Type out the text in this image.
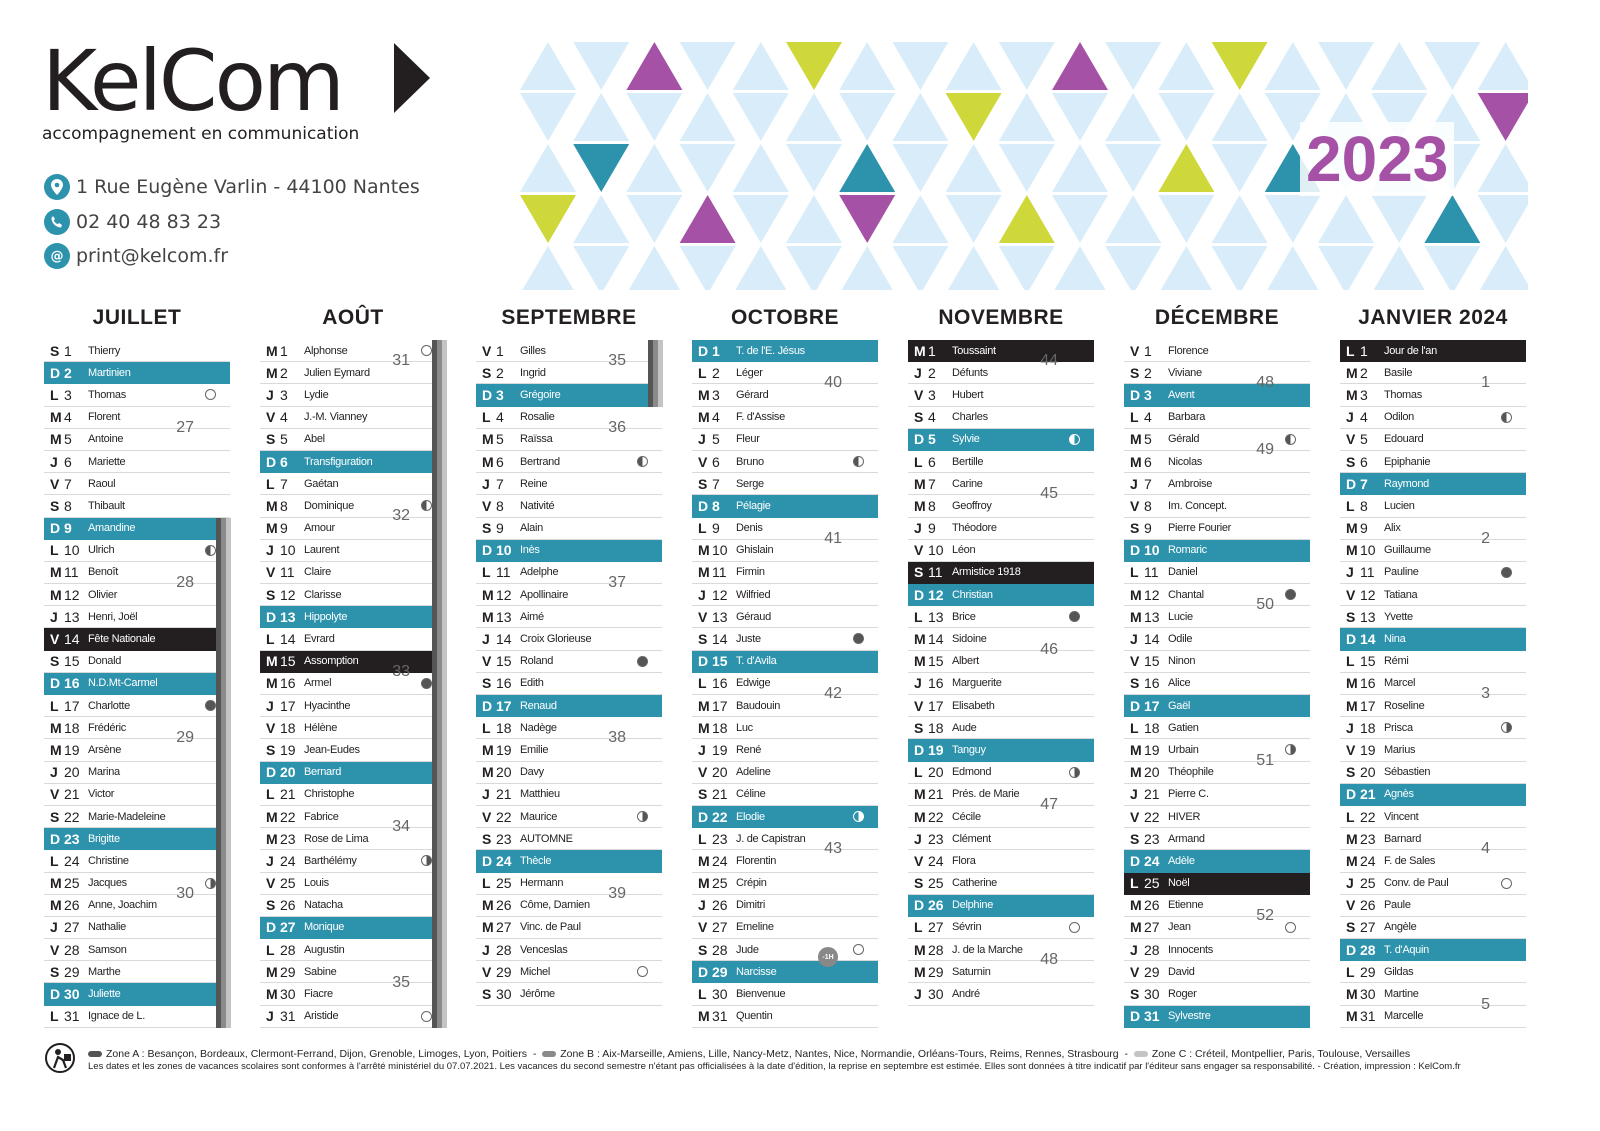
KelCom
accompagnement en communication
1 Rue Eugène Varlin - 44100 Nantes
02 40 48 83 23
@ print@kelcom.fr
2023
JUILLET
S 1	Thierry
D 2	Martinien
L 3	Thomas
M 4	Florent
M 5	Antoine
J 6	Mariette
V 7	Raoul
S 8	Thibault
D 9	Amandine
L 10 Ulrich
M 11 Benoît
M 12 Olivier
J 13 Henri, Joël
V 14 Fête Nationale
S 15 Donald
D 16 N.D.Mt-Carmel
L 17 Charlotte
M 18 Frédéric
M 19 Arsène
J 20 Marina
V 21 Victor
S 22 Marie-Madeleine
D 23 Brigitte
L 24 Christine
M 25 Jacques
M 26 Anne, Joachim
J 27 Nathalie
V 28 Samson
S 29 Marthe
D 30 Juliette
L 31 Ignace de L.
27
28
29
30
AOÛT
M 1	Alphonse
M 2	Julien Eymard
J 3	Lydie
V 4	J.-M. Vianney
S 5	Abel
D 6	Transfiguration
L 7	Gaétan
M 8	Dominique
M 9	Amour
J 10 Laurent
V 11 Claire
S 12 Clarisse
D 13 Hippolyte
L 14 Evrard
M 15 Assomption
M 16 Armel
J 17 Hyacinthe
V 18 Hélène
S 19 Jean-Eudes
D 20 Bernard
L 21 Christophe
M 22 Fabrice
M 23 Rose de Lima
J 24 Barthélémy
V 25 Louis
S 26 Natacha
D 27 Monique
L 28 Augustin
M 29 Sabine
M 30 Fiacre
J 31 Aristide
31
32
33
34
35
SEPTEMBRE
V 1	Gilles
S 2	Ingrid
D 3	Grégoire
L 4	Rosalie
M 5	Raïssa
M 6	Bertrand
J 7	Reine
V 8	Nativité
S 9	Alain
D 10 Inès
L 11 Adelphe
M 12 Apollinaire
M 13 Aimé
J 14 Croix Glorieuse
V 15 Roland
S 16 Edith
D 17 Renaud
L 18 Nadège
M 19 Emilie
M 20 Davy
J 21 Matthieu
V 22 Maurice
S 23 AUTOMNE
D 24 Thècle
L 25 Hermann
M 26 Côme, Damien
M 27 Vinc. de Paul
J 28 Venceslas
V 29 Michel
S 30 Jérôme
35
36
37
38
39
OCTOBRE
D 1	T. de l'E. Jésus
L 2	Léger
M 3	Gérard
M 4	F. d'Assise
J 5	Fleur
V 6	Bruno
S 7	Serge
D 8	Pélagie
L 9	Denis
M 10 Ghislain
M 11 Firmin
J 12 Wilfried
V 13 Géraud
S 14 Juste
D 15 T. d'Avila
L 16 Edwige
M 17 Baudouin
M 18 Luc
J 19 René
V 20 Adeline
S 21 Céline
D 22 Elodie
L 23 J. de Capistran
M 24 Florentin
M 25 Crépin
J 26 Dimitri
V 27 Emeline
S 28 Jude
D 29 Narcisse
L 30 Bienvenue
M 31 Quentin
40
41
42
43
-1H
NOVEMBRE
M 1	Toussaint
J 2	Défunts
V 3	Hubert
S 4	Charles
D 5	Sylvie
L 6	Bertille
M 7	Carine
M 8	Geoffroy
J 9	Théodore
V 10 Léon
S 11 Armistice 1918
D 12 Christian
L 13 Brice
M 14 Sidoine
M 15 Albert
J 16 Marguerite
V 17 Elisabeth
S 18 Aude
D 19 Tanguy
L 20 Edmond
M 21 Prés. de Marie
M 22 Cécile
J 23 Clément
V 24 Flora
S 25 Catherine
D 26 Delphine
L 27 Sévrin
M 28 J. de la Marche
M 29 Saturnin
J 30 André
44
45
46
47
48
DÉCEMBRE
V 1	Florence
S 2	Viviane
D 3	Avent
L 4	Barbara
M 5	Gérald
M 6	Nicolas
J 7	Ambroise
V 8	Im. Concept.
S 9	Pierre Fourier
D 10 Romaric
L 11 Daniel
M 12 Chantal
M 13 Lucie
J 14 Odile
V 15 Ninon
S 16 Alice
D 17 Gaël
L 18 Gatien
M 19 Urbain
M 20 Théophile
J 21 Pierre C.
V 22 HIVER
S 23 Armand
D 24 Adèle
L 25 Noël
M 26 Etienne
M 27 Jean
J 28 Innocents
V 29 David
S 30 Roger
D 31 Sylvestre
48
49
50
51
52
JANVIER 2024
L 1	Jour de l'an
M 2	Basile
M 3	Thomas
J 4	Odilon
V 5	Edouard
S 6	Epiphanie
D 7	Raymond
L 8	Lucien
M 9	Alix
M 10 Guillaume
J 11 Pauline
V 12 Tatiana
S 13 Yvette
D 14 Nina
L 15 Rémi
M 16 Marcel
M 17 Roseline
J 18 Prisca
V 19 Marius
S 20 Sébastien
D 21 Agnès
L 22 Vincent
M 23 Barnard
M 24 F. de Sales
J 25 Conv. de Paul
V 26 Paule
S 27 Angèle
D 28 T. d'Aquin
L 29 Gildas
M 30 Martine
M 31 Marcelle
1
2
3
4
5
Zone A : Besançon, Bordeaux, Clermont-Ferrand, Dijon, Grenoble, Limoges, Lyon, Poitiers - Zone B : Aix-Marseille, Amiens, Lille, Nancy-Metz, Nantes, Nice, Normandie, Orléans-Tours, Reims, Rennes, Strasbourg - Zone C : Créteil, Montpellier, Paris, Toulouse, Versailles
Les dates et les zones de vacances scolaires sont conformes à l'arrêté ministériel du 07.07.2021. Les vacances du second semestre n'étant pas officialisées à la date d'édition, la reprise en septembre est estimée. Elles sont données à titre indicatif par l'éditeur sans engager sa responsabilité. - Création, impression : KelCom.fr
